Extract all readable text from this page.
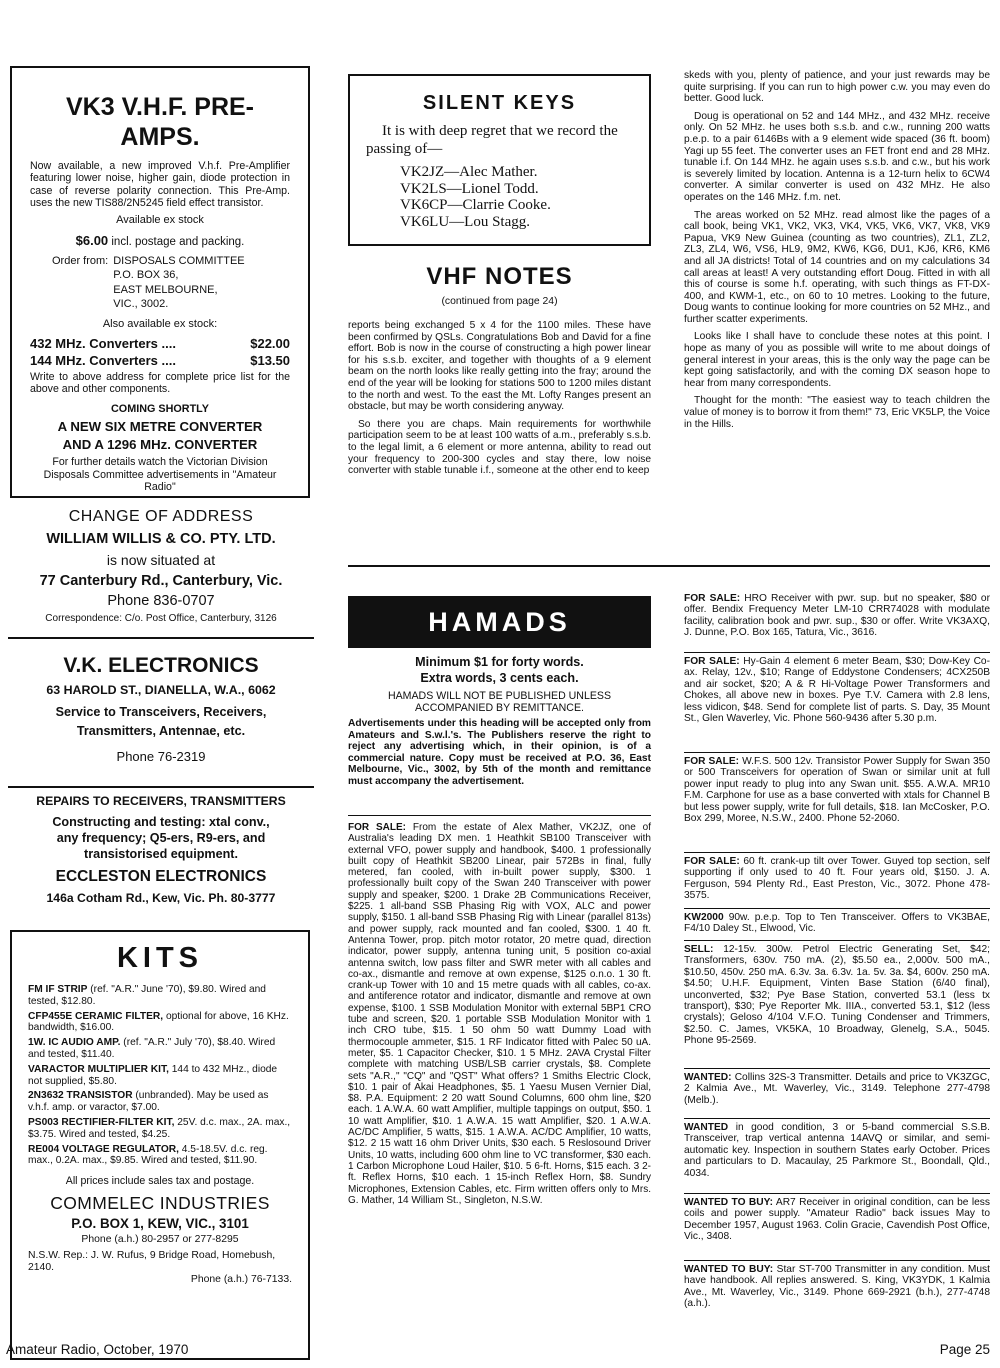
VK3 V.H.F. PRE-AMPS.
Now available, a new improved V.h.f. Pre-Amplifier featuring lower noise, higher gain, diode protection in case of reverse polarity connection. This Pre-Amp. uses the new TIS88/2N5245 field effect transistor.
Available ex stock
$6.00 incl. postage and packing.
Order from: DISPOSALS COMMITTEE
P.O. BOX 36,
EAST MELBOURNE,
VIC., 3002.
Also available ex stock:
432 MHz. Converters ....	$22.00
144 MHz. Converters ....	$13.50
Write to above address for complete price list for the above and other components.
COMING SHORTLY
A NEW SIX METRE CONVERTER
AND A 1296 MHz. CONVERTER
For further details watch the Victorian Division Disposals Committee advertisements in "Amateur Radio"
CHANGE OF ADDRESS
WILLIAM WILLIS & CO. PTY. LTD.
is now situated at
77 Canterbury Rd., Canterbury, Vic.
Phone 836-0707
Correspondence: C/o. Post Office, Canterbury, 3126
V.K. ELECTRONICS
63 HAROLD ST., DIANELLA, W.A., 6062
Service to Transceivers, Receivers,
Transmitters, Antennae, etc.
Phone 76-2319
REPAIRS TO RECEIVERS, TRANSMITTERS
Constructing and testing: xtal conv.,
any frequency; Q5-ers, R9-ers, and
transistorised equipment.
ECCLESTON ELECTRONICS
146a Cotham Rd., Kew, Vic. Ph. 80-3777
KITS
FM IF STRIP (ref. "A.R." June '70), $9.80. Wired and tested, $12.80.
CFP455E CERAMIC FILTER, optional for above, 16 KHz. bandwidth, $16.00.
1W. IC AUDIO AMP. (ref. "A.R." July '70), $8.40. Wired and tested, $11.40.
VARACTOR MULTIPLIER KIT, 144 to 432 MHz., diode not supplied, $5.80.
2N3632 TRANSISTOR (unbranded). May be used as v.h.f. amp. or varactor, $7.00.
PS003 RECTIFIER-FILTER KIT, 25V. d.c. max., 2A. max., $3.75. Wired and tested, $4.25.
RE004 VOLTAGE REGULATOR, 4.5-18.5V. d.c. reg. max., 0.2A. max., $9.85. Wired and tested, $11.90.
All prices include sales tax and postage.
COMMELEC INDUSTRIES
P.O. BOX 1, KEW, VIC., 3101
Phone (a.h.) 80-2957 or 277-8295
N.S.W. Rep.: J. W. Rufus, 9 Bridge Road, Homebush, 2140.
Phone (a.h.) 76-7133.
SILENT KEYS
It is with deep regret that we record the passing of—
VK2JZ—Alec Mather.
VK2LS—Lionel Todd.
VK6CP—Clarrie Cooke.
VK6LU—Lou Stagg.
VHF NOTES
(continued from page 24)

reports being exchanged 5 x 4 for the 1100 miles. These have been confirmed by QSLs. Congratulations Bob and David for a fine effort. Bob is now in the course of constructing a high power linear for his s.s.b. exciter, and together with thoughts of a 9 element beam on the north looks like really getting into the fray; around the end of the year will be looking for stations 500 to 1200 miles distant to the north and west. To the east the Mt. Lofty Ranges present an obstacle, but may be worth considering anyway.

So there you are chaps. Main requirements for worthwhile participation seem to be at least 100 watts of a.m., preferably s.s.b. to the legal limit, a 6 element or more antenna, ability to read out your frequency to 200-300 cycles and stay there, low noise converter with stable tunable i.f., someone at the other end to keep

skeds with you, plenty of patience, and your just rewards may be quite surprising. If you can run to high power c.w. you may even do better. Good luck.

Doug is operational on 52 and 144 MHz., and 432 MHz. receive only. On 52 MHz. he uses both s.s.b. and c.w., running 200 watts p.e.p. to a pair 6146Bs with a 9 element wide spaced (36 ft. boom) Yagi up 55 feet. The converter uses an FET front end and 28 MHz. tunable i.f. On 144 MHz. he again uses s.s.b. and c.w., but his work is severely limited by location. Antenna is a 12-turn helix to 6CW4 converter. A similar converter is used on 432 MHz. He also operates on the 146 MHz. f.m. net.

The areas worked on 52 MHz. read almost like the pages of a call book, being VK1, VK2, VK3, VK4, VK5, VK6, VK7, VK8, VK9 Papua, VK9 New Guinea (counting as two countries), ZL1, ZL2, ZL3, ZL4, W6, VS6, HL9, 9M2, KW6, KG6, DU1, KJ6, KR6, KM6 and all JA districts! Total of 14 countries and on my calculations 34 call areas at least! A very outstanding effort Doug. Fitted in with all this of course is some h.f. operating, with such things as FT-DX-400, and KWM-1, etc., on 60 to 10 metres. Looking to the future, Doug wants to continue looking for more countries on 52 MHz., and further scatter experiments.

Looks like I shall have to conclude these notes at this point. I hope as many of you as possible will write to me about doings of general interest in your areas, this is the only way the page can be kept going satisfactorily, and with the coming DX season hope to hear from many correspondents.

Thought for the month: "The easiest way to teach children the value of money is to borrow it from them!" 73, Eric VK5LP, the Voice in the Hills.

HAMADS
Minimum $1 for forty words.
Extra words, 3 cents each.
HAMADS WILL NOT BE PUBLISHED UNLESS
ACCOMPANIED BY REMITTANCE.

Advertisements under this heading will be accepted only from Amateurs and S.w.l.'s. The Publishers reserve the right to reject any advertising which, in their opinion, is of a commercial nature. Copy must be received at P.O. 36, East Melbourne, Vic., 3002, by 5th of the month and remittance must accompany the advertisement.

FOR SALE: From the estate of Alex Mather, VK2JZ, one of Australia's leading DX men. 1 Heathkit SB100 Transceiver with external VFO, power supply and handbook, $400. 1 professionally built copy of Heathkit SB200 Linear, pair 572Bs in final, fully metered, fan cooled, with in-built power supply, $300. 1 professionally built copy of the Swan 240 Transceiver with power supply and speaker, $200. 1 Drake 2B Communications Receiver, $225. 1 all-band SSB Phasing Rig with VOX, ALC and power supply, $150. 1 all-band SSB Phasing Rig with Linear (parallel 813s) and power supply, rack mounted and fan cooled, $300. 1 40 ft. Antenna Tower, prop. pitch motor rotator, 20 metre quad, direction indicator, power supply, antenna tuning unit, 5 position co-axial antenna switch, low pass filter and SWR meter with all cables and co-ax., dismantle and remove at own expense, $125 o.n.o. 1 30 ft. crank-up Tower with 10 and 15 metre quads with all cables, co-ax. and antiference rotator and indicator, dismantle and remove at own expense, $100. 1 SSB Modulation Monitor with external 5BP1 CRO tube and screen, $20. 1 portable SSB Modulation Monitor with 1 inch CRO tube, $15. 1 50 ohm 50 watt Dummy Load with thermocouple ammeter, $15. 1 RF Indicator fitted with Palec 50 uA. meter, $5. 1 Capacitor Checker, $10. 1 5 MHz. 2AVA Crystal Filter complete with matching USB/LSB carrier crystals, $8. Complete sets "A.R.," "CQ" and "QST" What offers? 1 Smiths Electric Clock, $10. 1 pair of Akai Headphones, $5. 1 Yaesu Musen Vernier Dial, $8. P.A. Equipment: 2 20 watt Sound Columns, 600 ohm line, $20 each. 1 A.W.A. 60 watt Amplifier, multiple tappings on output, $50. 1 10 watt Amplifier, $10. 1 A.W.A. 15 watt Amplifier, $20. 1 A.W.A. AC/DC Amplifier, 5 watts, $15. 1 A.W.A. AC/DC Amplifier, 10 watts, $12. 2 15 watt 16 ohm Driver Units, $30 each. 5 Reslosound Driver Units, 10 watts, including 600 ohm line to VC transformer, $30 each. 1 Carbon Microphone Loud Hailer, $10. 5 6-ft. Horns, $15 each. 3 2-ft. Reflex Horns, $10 each. 1 15-inch Reflex Horn, $8. Sundry Microphones, Extension Cables, etc. Firm written offers only to Mrs. G. Mather, 14 William St., Singleton, N.S.W.

FOR SALE: HRO Receiver with pwr. sup. but no speaker, $80 or offer. Bendix Frequency Meter LM-10 CRR74028 with modulate facility, calibration book and pwr. sup., $30 or offer. Write VK3AXQ, J. Dunne, P.O. Box 165, Tatura, Vic., 3616.
FOR SALE: Hy-Gain 4 element 6 meter Beam, $30; Dow-Key Co-ax. Relay, 12v., $10; Range of Eddystone Condensers; 4CX250B and air socket, $20; A & R Hi-Voltage Power Transformers and Chokes, all above new in boxes. Pye T.V. Camera with 2.8 lens, less vidicon, $48. Send for complete list of parts. S. Day, 35 Mount St., Glen Waverley, Vic. Phone 560-9436 after 5.30 p.m.
FOR SALE: W.F.S. 500 12v. Transistor Power Supply for Swan 350 or 500 Transceivers for operation of Swan or similar unit at full power input ready to plug into any Swan unit. $55. A.W.A. MR10 F.M. Carphone for use as a base converted with xtals for Channel B but less power supply, write for full details, $18. Ian McCosker, P.O. Box 299, Moree, N.S.W., 2400. Phone 52-2060.
FOR SALE: 60 ft. crank-up tilt over Tower. Guyed top section, self supporting if only used to 40 ft. Four years old, $150. J. A. Ferguson, 594 Plenty Rd., East Preston, Vic., 3072. Phone 478-3575.
KW2000 90w. p.e.p. Top to Ten Transceiver. Offers to VK3BAE, F4/10 Daley St., Elwood, Vic.
SELL: 12-15v. 300w. Petrol Electric Generating Set, $42; Transformers, 630v. 750 mA. (2), $5.50 ea., 2,000v. 500 mA., $10.50, 450v. 250 mA. 6.3v. 3a. 6.3v. 1a. 5v. 3a. $4, 600v. 250 mA. $4.50; U.H.F. Equipment, Vinten Base Station (6/40 final), unconverted, $32; Pye Base Station, converted 53.1 (less tx transport), $30; Pye Reporter Mk. IIIA., converted 53.1, $12 (less crystals); Geloso 4/104 V.F.O. Tuning Condenser and Trimmers, $2.50. C. James, VK5KA, 10 Broadway, Glenelg, S.A., 5045. Phone 95-2569.
WANTED: Collins 32S-3 Transmitter. Details and price to VK3ZGC, 2 Kalmia Ave., Mt. Waverley, Vic., 3149. Telephone 277-4798 (Melb.).
WANTED in good condition, 3 or 5-band commercial S.S.B. Transceiver, trap vertical antenna 14AVQ or similar, and semi-automatic key. Inspection in southern States early October. Prices and particulars to D. Macaulay, 25 Parkmore St., Boondall, Qld., 4034.
WANTED TO BUY: AR7 Receiver in original condition, can be less coils and power supply. "Amateur Radio" back issues May to December 1957, August 1963. Colin Gracie, Cavendish Post Office, Vic., 3408.
WANTED TO BUY: Star ST-700 Transmitter in any condition. Must have handbook. All replies answered. S. King, VK3YDK, 1 Kalmia Ave., Mt. Waverley, Vic., 3149. Phone 669-2921 (b.h.), 277-4748 (a.h.).
Amateur Radio, October, 1970	Page 25
